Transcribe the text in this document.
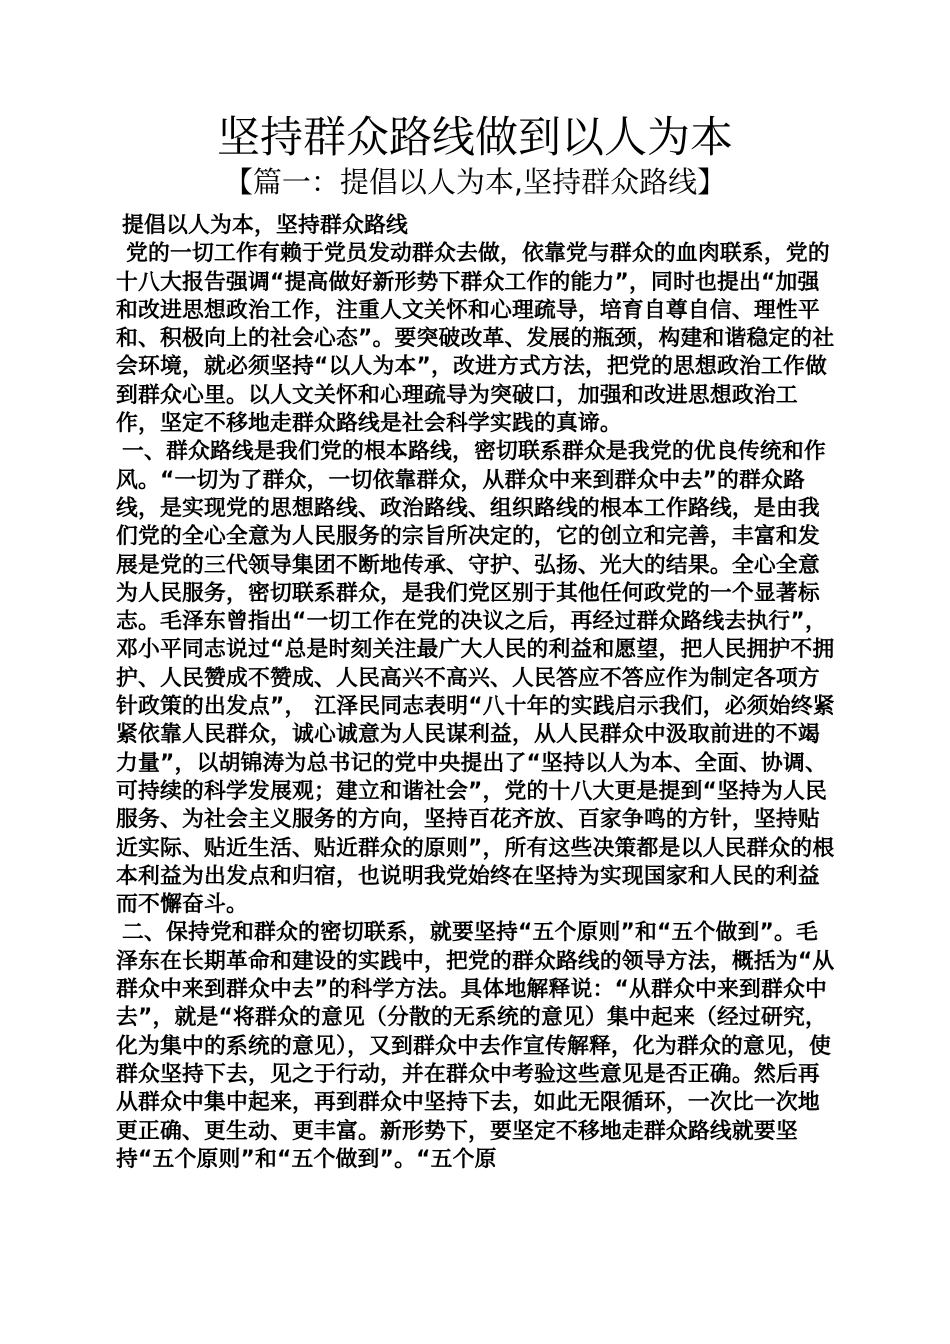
坚持群众路线做到以人为本
【篇一：提倡以人为本,坚持群众路线】

提倡以人为本，坚持群众路线

党的一切工作有赖于党员发动群众去做，依靠党与群众的血肉联系，党的十八大报告强调“提高做好新形势下群众工作的能力”，同时也提出“加强和改进思想政治工作，注重人文关怀和心理疏导，培育自尊自信、理性平和、积极向上的社会心态”。要突破改革、发展的瓶颈，构建和谐稳定的社会环境，就必须坚持“以人为本”，改进方式方法，把党的思想政治工作做到群众心里。以人文关怀和心理疏导为突破口，加强和改进思想政治工作，坚定不移地走群众路线是社会科学实践的真谛。

一、群众路线是我们党的根本路线，密切联系群众是我党的优良传统和作风。“一切为了群众，一切依靠群众，从群众中来到群众中去”的群众路线，是实现党的思想路线、政治路线、组织路线的根本工作路线，是由我们党的全心全意为人民服务的宗旨所决定的，它的创立和完善，丰富和发展是党的三代领导集团不断地传承、守护、弘扬、光大的结果。全心全意为人民服务，密切联系群众，是我们党区别于其他任何政党的一个显著标志。毛泽东曾指出“一切工作在党的决议之后，再经过群众路线去执行”，邓小平同志说过“总是时刻关注最广大人民的利益和愿望，把人民拥护不拥护、人民赞成不赞成、人民高兴不高兴、人民答应不答应作为制定各项方针政策的出发点”， 江泽民同志表明“八十年的实践启示我们，必须始终紧紧依靠人民群众，诚心诚意为人民谋利益，从人民群众中汲取前进的不竭力量”，以胡锦涛为总书记的党中央提出了“坚持以人为本、全面、协调、可持续的科学发展观；建立和谐社会”，党的十八大更是提到“坚持为人民服务、为社会主义服务的方向，坚持百花齐放、百家争鸣的方针，坚持贴近实际、贴近生活、贴近群众的原则”，所有这些决策都是以人民群众的根本利益为出发点和归宿，也说明我党始终在坚持为实现国家和人民的利益而不懈奋斗。

二、保持党和群众的密切联系，就要坚持“五个原则”和“五个做到”。毛泽东在长期革命和建设的实践中，把党的群众路线的领导方法，概括为“从群众中来到群众中去”的科学方法。具体地解释说：“从群众中来到群众中去”，就是“将群众的意见（分散的无系统的意见）集中起来（经过研究，化为集中的系统的意见），又到群众中去作宣传解释，化为群众的意见，使群众坚持下去，见之于行动，并在群众中考验这些意见是否正确。然后再从群众中集中起来，再到群众中坚持下去，如此无限循环，一次比一次地更正确、更生动、更丰富。新形势下，要坚定不移地走群众路线就要坚持“五个原则”和“五个做到”。“五个原
